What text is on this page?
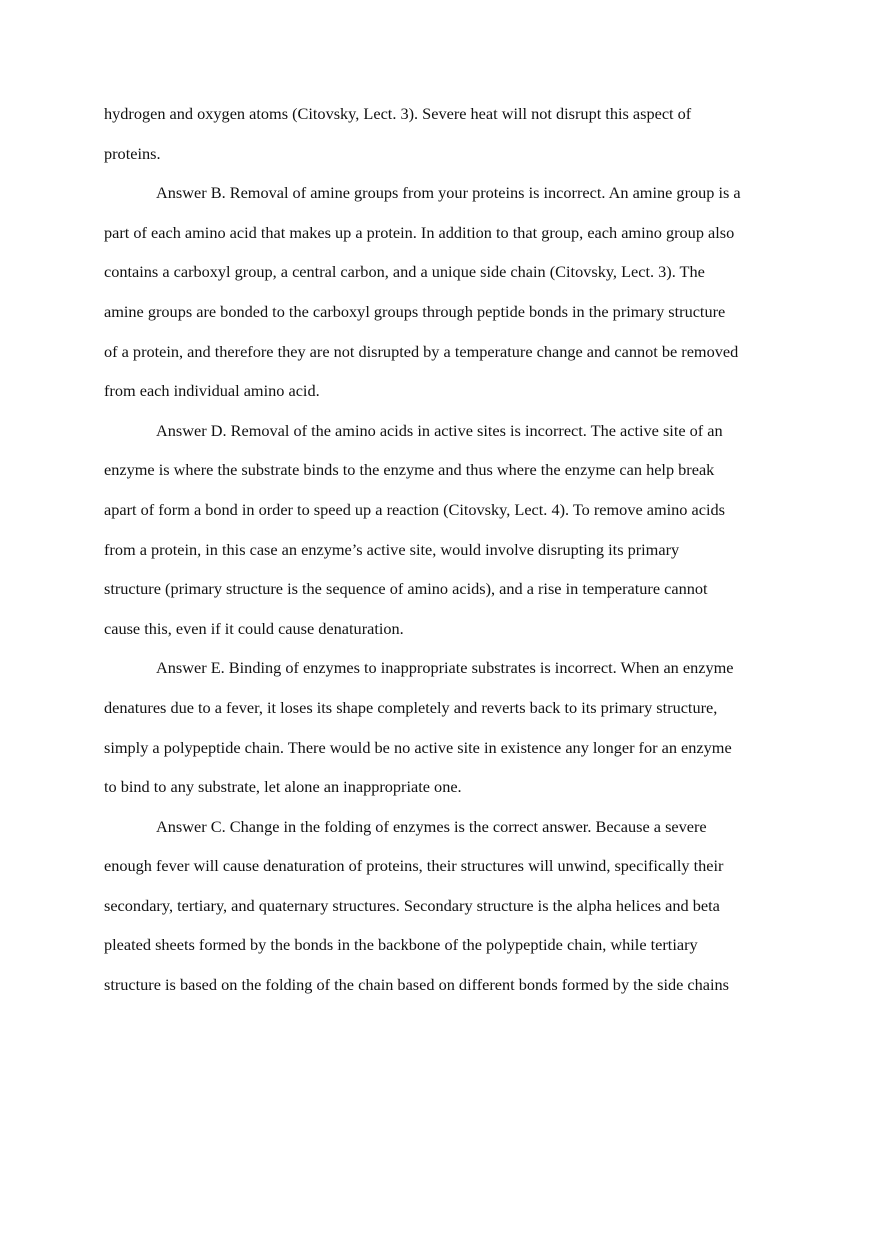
hydrogen and oxygen atoms (Citovsky, Lect. 3). Severe heat will not disrupt this aspect of
proteins.
Answer B. Removal of amine groups from your proteins is incorrect. An amine group is a
part of each amino acid that makes up a protein. In addition to that group, each amino group also
contains a carboxyl group, a central carbon, and a unique side chain (Citovsky, Lect. 3). The
amine groups are bonded to the carboxyl groups through peptide bonds in the primary structure
of a protein, and therefore they are not disrupted by a temperature change and cannot be removed
from each individual amino acid.
Answer D. Removal of the amino acids in active sites is incorrect. The active site of an
enzyme is where the substrate binds to the enzyme and thus where the enzyme can help break
apart of form a bond in order to speed up a reaction (Citovsky, Lect. 4). To remove amino acids
from a protein, in this case an enzyme’s active site, would involve disrupting its primary
structure (primary structure is the sequence of amino acids), and a rise in temperature cannot
cause this, even if it could cause denaturation.
Answer E. Binding of enzymes to inappropriate substrates is incorrect. When an enzyme
denatures due to a fever, it loses its shape completely and reverts back to its primary structure,
simply a polypeptide chain. There would be no active site in existence any longer for an enzyme
to bind to any substrate, let alone an inappropriate one.
Answer C. Change in the folding of enzymes is the correct answer. Because a severe
enough fever will cause denaturation of proteins, their structures will unwind, specifically their
secondary, tertiary, and quaternary structures. Secondary structure is the alpha helices and beta
pleated sheets formed by the bonds in the backbone of the polypeptide chain, while tertiary
structure is based on the folding of the chain based on different bonds formed by the side chains
